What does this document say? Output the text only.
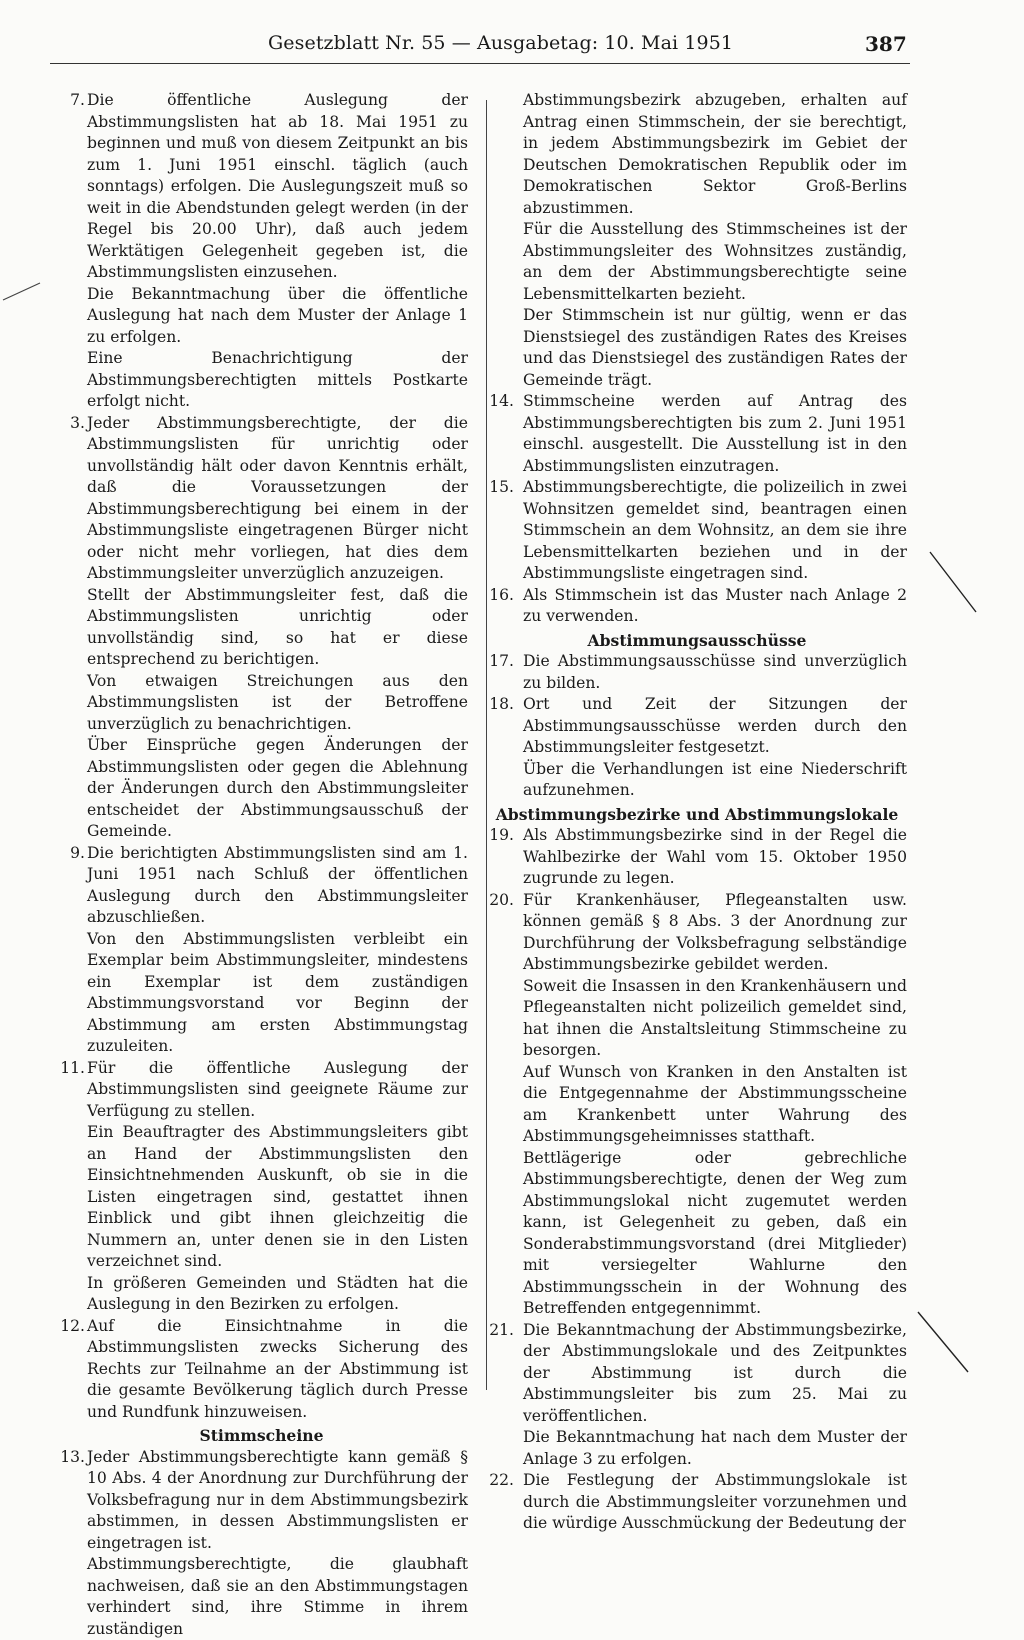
Gesetzblatt Nr. 55 — Ausgabetag: 10. Mai 1951	387
7. Die öffentliche Auslegung der Abstimmungslisten hat ab 18. Mai 1951 zu beginnen und muß von diesem Zeitpunkt an bis zum 1. Juni 1951 einschl. täglich (auch sonntags) erfolgen. Die Auslegungszeit muß so weit in die Abendstunden gelegt werden (in der Regel bis 20.00 Uhr), daß auch jedem Werktätigen Gelegenheit gegeben ist, die Abstimmungslisten einzusehen.

Die Bekanntmachung über die öffentliche Auslegung hat nach dem Muster der Anlage 1 zu erfolgen.

Eine Benachrichtigung der Abstimmungsberechtigten mittels Postkarte erfolgt nicht.

3. Jeder Abstimmungsberechtigte, der die Abstimmungslisten für unrichtig oder unvollständig hält oder davon Kenntnis erhält, daß die Voraussetzungen der Abstimmungsberechtigung bei einem in der Abstimmungsliste eingetragenen Bürger nicht oder nicht mehr vorliegen, hat dies dem Abstimmungsleiter unverzüglich anzuzeigen.

Stellt der Abstimmungsleiter fest, daß die Abstimmungslisten unrichtig oder unvollständig sind, so hat er diese entsprechend zu berichtigen.

Von etwaigen Streichungen aus den Abstimmungslisten ist der Betroffene unverzüglich zu benachrichtigen.

Über Einsprüche gegen Änderungen der Abstimmungslisten oder gegen die Ablehnung der Änderungen durch den Abstimmungsleiter entscheidet der Abstimmungsausschuß der Gemeinde.

9. Die berichtigten Abstimmungslisten sind am 1. Juni 1951 nach Schluß der öffentlichen Auslegung durch den Abstimmungsleiter abzuschließen.

Von den Abstimmungslisten verbleibt ein Exemplar beim Abstimmungsleiter, mindestens ein Exemplar ist dem zuständigen Abstimmungsvorstand vor Beginn der Abstimmung am ersten Abstimmungstag zuzuleiten.

11. Für die öffentliche Auslegung der Abstimmungslisten sind geeignete Räume zur Verfügung zu stellen.

Ein Beauftragter des Abstimmungsleiters gibt an Hand der Abstimmungslisten den Einsichtnehmenden Auskunft, ob sie in die Listen eingetragen sind, gestattet ihnen Einblick und gibt ihnen gleichzeitig die Nummern an, unter denen sie in den Listen verzeichnet sind.

In größeren Gemeinden und Städten hat die Auslegung in den Bezirken zu erfolgen.

12. Auf die Einsichtnahme in die Abstimmungslisten zwecks Sicherung des Rechts zur Teilnahme an der Abstimmung ist die gesamte Bevölkerung täglich durch Presse und Rundfunk hinzuweisen.

Stimmscheine
13. Jeder Abstimmungsberechtigte kann gemäß § 10 Abs. 4 der Anordnung zur Durchführung der Volksbefragung nur in dem Abstimmungsbezirk abstimmen, in dessen Abstimmungslisten er eingetragen ist.

Abstimmungsberechtigte, die glaubhaft nachweisen, daß sie an den Abstimmungstagen verhindert sind, ihre Stimme in ihrem zuständigen

Abstimmungsbezirk abzugeben, erhalten auf Antrag einen Stimmschein, der sie berechtigt, in jedem Abstimmungsbezirk im Gebiet der Deutschen Demokratischen Republik oder im Demokratischen Sektor Groß-Berlins abzustimmen.

Für die Ausstellung des Stimmscheines ist der Abstimmungsleiter des Wohnsitzes zuständig, an dem der Abstimmungsberechtigte seine Lebensmittelkarten bezieht.

Der Stimmschein ist nur gültig, wenn er das Dienstsiegel des zuständigen Rates des Kreises und das Dienstsiegel des zuständigen Rates der Gemeinde trägt.

14. Stimmscheine werden auf Antrag des Abstimmungsberechtigten bis zum 2. Juni 1951 einschl. ausgestellt. Die Ausstellung ist in den Abstimmungslisten einzutragen.

15. Abstimmungsberechtigte, die polizeilich in zwei Wohnsitzen gemeldet sind, beantragen einen Stimmschein an dem Wohnsitz, an dem sie ihre Lebensmittelkarten beziehen und in der Abstimmungsliste eingetragen sind.

16. Als Stimmschein ist das Muster nach Anlage 2 zu verwenden.

Abstimmungsausschüsse
17. Die Abstimmungsausschüsse sind unverzüglich zu bilden.

18. Ort und Zeit der Sitzungen der Abstimmungsausschüsse werden durch den Abstimmungsleiter festgesetzt.

Über die Verhandlungen ist eine Niederschrift aufzunehmen.

Abstimmungsbezirke und Abstimmungslokale
19. Als Abstimmungsbezirke sind in der Regel die Wahlbezirke der Wahl vom 15. Oktober 1950 zugrunde zu legen.

20. Für Krankenhäuser, Pflegeanstalten usw. können gemäß § 8 Abs. 3 der Anordnung zur Durchführung der Volksbefragung selbständige Abstimmungsbezirke gebildet werden.

Soweit die Insassen in den Krankenhäusern und Pflegeanstalten nicht polizeilich gemeldet sind, hat ihnen die Anstaltsleitung Stimmscheine zu besorgen.

Auf Wunsch von Kranken in den Anstalten ist die Entgegennahme der Abstimmungsscheine am Krankenbett unter Wahrung des Abstimmungsgeheimnisses statthaft.

Bettlägerige oder gebrechliche Abstimmungsberechtigte, denen der Weg zum Abstimmungslokal nicht zugemutet werden kann, ist Gelegenheit zu geben, daß ein Sonderabstimmungsvorstand (drei Mitglieder) mit versiegelter Wahlurne den Abstimmungsschein in der Wohnung des Betreffenden entgegennimmt.

21. Die Bekanntmachung der Abstimmungsbezirke, der Abstimmungslokale und des Zeitpunktes der Abstimmung ist durch die Abstimmungsleiter bis zum 25. Mai zu veröffentlichen.

Die Bekanntmachung hat nach dem Muster der Anlage 3 zu erfolgen.

22. Die Festlegung der Abstimmungslokale ist durch die Abstimmungsleiter vorzunehmen und die würdige Ausschmückung der Bedeutung der
